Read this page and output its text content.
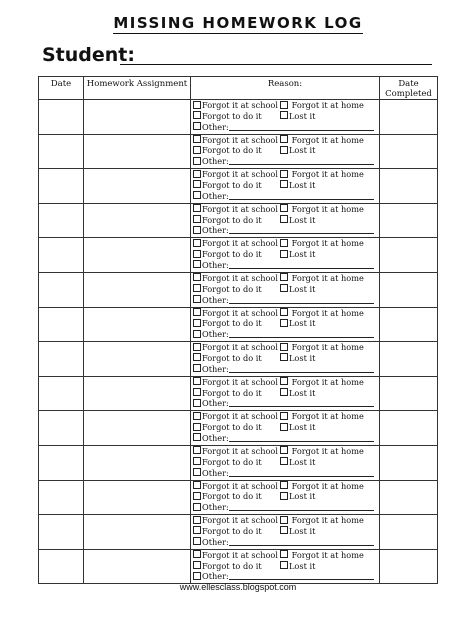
MISSING HOMEWORK LOG
Student:
Date	Homework Assignment	Reason:	Date
Completed

		Forgot it at school Forgot it at home
Forgot to do it Lost it
Other:	

		Forgot it at school Forgot it at home
Forgot to do it Lost it
Other:	

		Forgot it at school Forgot it at home
Forgot to do it Lost it
Other:	

		Forgot it at school Forgot it at home
Forgot to do it Lost it
Other:	

		Forgot it at school Forgot it at home
Forgot to do it Lost it
Other:	

		Forgot it at school Forgot it at home
Forgot to do it Lost it
Other:	

		Forgot it at school Forgot it at home
Forgot to do it Lost it
Other:	

		Forgot it at school Forgot it at home
Forgot to do it Lost it
Other:	

		Forgot it at school Forgot it at home
Forgot to do it Lost it
Other:	

		Forgot it at school Forgot it at home
Forgot to do it Lost it
Other:	

		Forgot it at school Forgot it at home
Forgot to do it Lost it
Other:	

		Forgot it at school Forgot it at home
Forgot to do it Lost it
Other:	

		Forgot it at school Forgot it at home
Forgot to do it Lost it
Other:	

		Forgot it at school Forgot it at home
Forgot to do it Lost it
Other:	

www.ellesclass.blogspot.com
